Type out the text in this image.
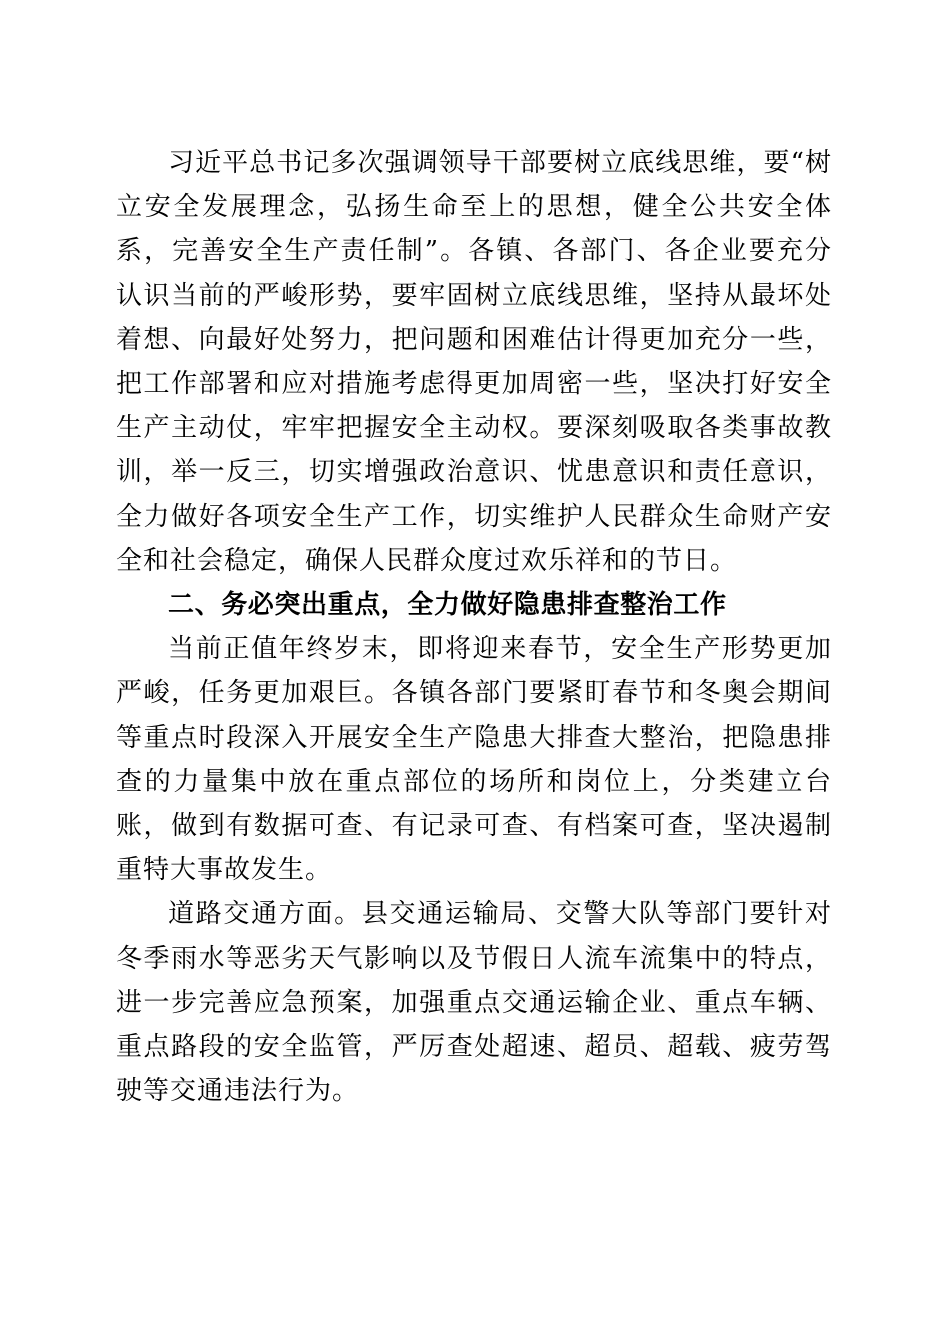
习近平总书记多次强调领导干部要树立底线思维，要“树立安全发展理念，弘扬生命至上的思想，健全公共安全体系，完善安全生产责任制”。各镇、各部门、各企业要充分认识当前的严峻形势，要牢固树立底线思维，坚持从最坏处着想、向最好处努力，把问题和困难估计得更加充分一些，把工作部署和应对措施考虑得更加周密一些，坚决打好安全生产主动仗，牢牢把握安全主动权。要深刻吸取各类事故教训，举一反三，切实增强政治意识、忧患意识和责任意识，全力做好各项安全生产工作，切实维护人民群众生命财产安全和社会稳定，确保人民群众度过欢乐祥和的节日。

二、务必突出重点，全力做好隐患排查整治工作

当前正值年终岁末，即将迎来春节，安全生产形势更加严峻，任务更加艰巨。各镇各部门要紧盯春节和冬奥会期间等重点时段深入开展安全生产隐患大排查大整治，把隐患排查的力量集中放在重点部位的场所和岗位上，分类建立台账，做到有数据可查、有记录可查、有档案可查，坚决遏制重特大事故发生。

道路交通方面。县交通运输局、交警大队等部门要针对冬季雨水等恶劣天气影响以及节假日人流车流集中的特点，进一步完善应急预案，加强重点交通运输企业、重点车辆、重点路段的安全监管，严厉查处超速、超员、超载、疲劳驾驶等交通违法行为。
